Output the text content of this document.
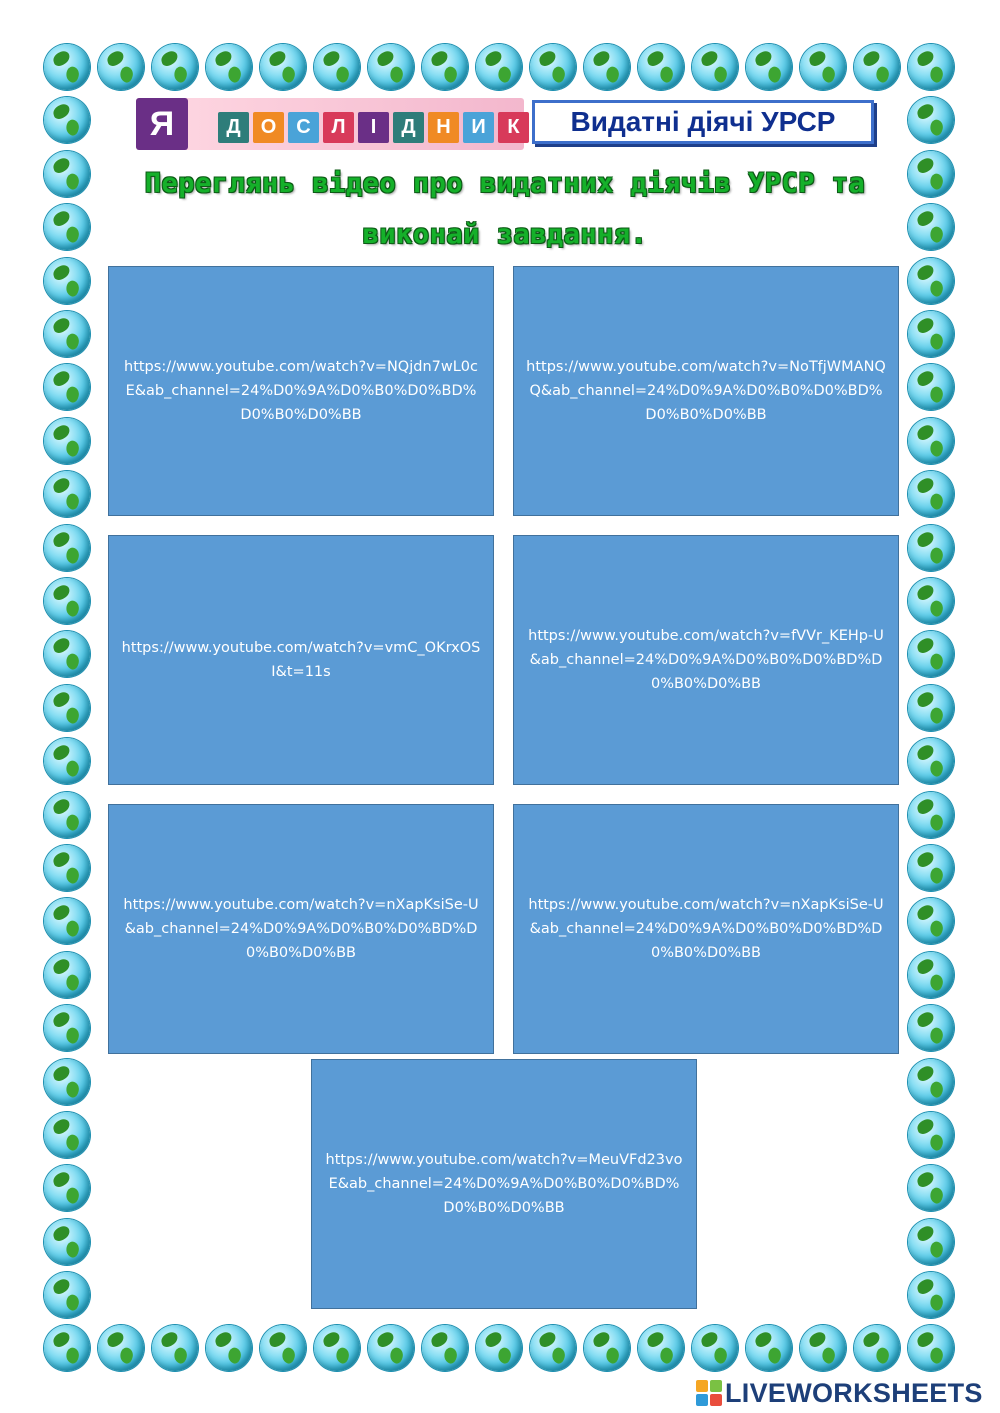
Я	Д	О С	Л	І	Д	Н	И	К	Видатні діячі УРСР
Переглянь відео про видатних діячів УРСР та виконай завдання.
https://www.youtube.com/watch?v=NQjdn7wL0cE&ab_channel=24%D0%9A%D0%B0%D0%BD%D0%B0%D0%BB
https://www.youtube.com/watch?v=NoTfjWMANQQ&ab_channel=24%D0%9A%D0%B0%D0%BD%D0%B0%D0%BB
https://www.youtube.com/watch?v=vmC_OKrxOSI&t=11s
https://www.youtube.com/watch?v=fVVr_KEHp-U&ab_channel=24%D0%9A%D0%B0%D0%BD%D0%B0%D0%BB
https://www.youtube.com/watch?v=nXapKsiSe-U&ab_channel=24%D0%9A%D0%B0%D0%BD%D0%B0%D0%BB
https://www.youtube.com/watch?v=nXapKsiSe-U&ab_channel=24%D0%9A%D0%B0%D0%BD%D0%B0%D0%BB
https://www.youtube.com/watch?v=MeuVFd23voE&ab_channel=24%D0%9A%D0%B0%D0%BD%D0%B0%D0%BB
LIVEWORKSHEETS
